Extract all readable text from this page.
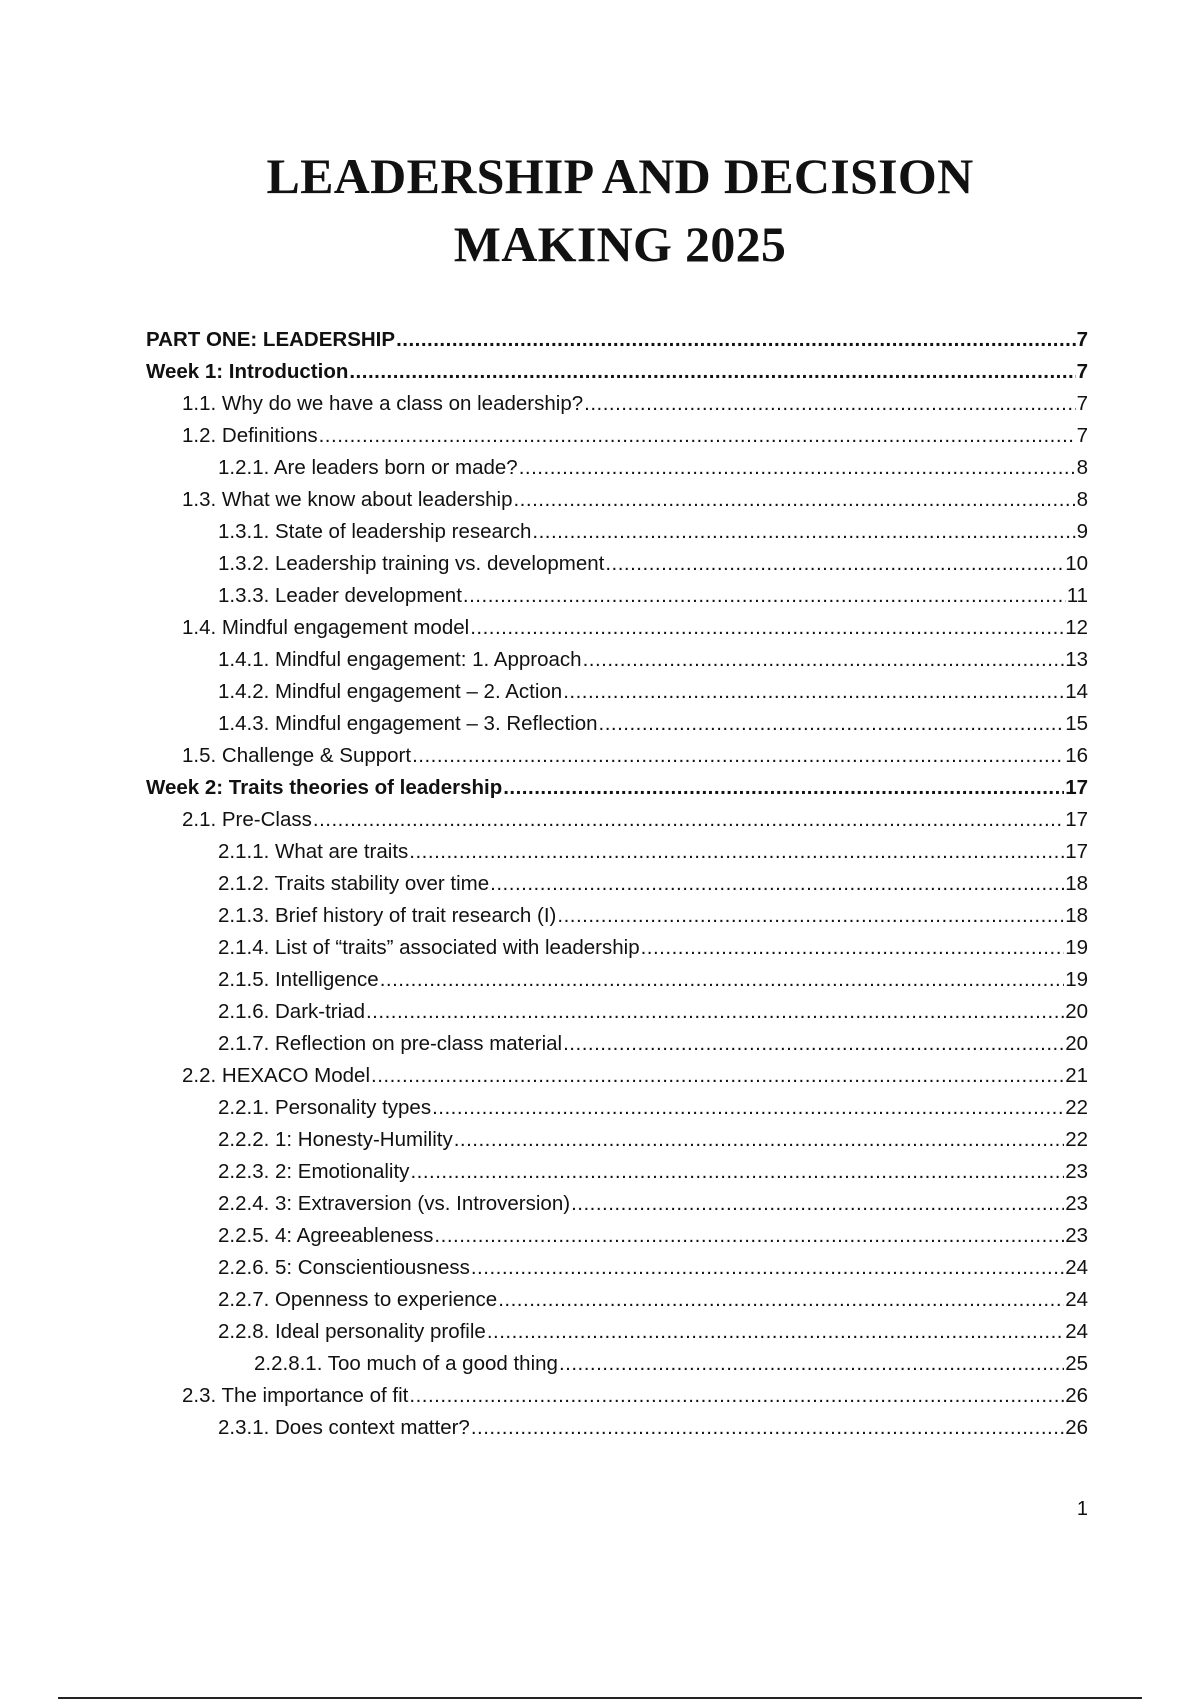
LEADERSHIP AND DECISION
MAKING 2025
PART ONE: LEADERSHIP .....	7
Week 1: Introduction .....	7
1.1. Why do we have a class on leadership? .....	7
1.2. Definitions .....	7
1.2.1. Are leaders born or made? .....	8
1.3. What we know about leadership .....	8
1.3.1. State of leadership research .....	9
1.3.2. Leadership training vs. development .....	10
1.3.3. Leader development .....	11
1.4. Mindful engagement model .....	12
1.4.1. Mindful engagement: 1. Approach .....	13
1.4.2. Mindful engagement – 2. Action .....	14
1.4.3. Mindful engagement – 3. Reflection .....	15
1.5. Challenge & Support .....	16
Week 2: Traits theories of leadership .....	17
2.1. Pre-Class .....	17
2.1.1. What are traits .....	17
2.1.2. Traits stability over time .....	18
2.1.3. Brief history of trait research (I) .....	18
2.1.4. List of “traits” associated with leadership .....	19
2.1.5. Intelligence .....	19
2.1.6. Dark-triad .....	20
2.1.7. Reflection on pre-class material .....	20
2.2. HEXACO Model .....	21
2.2.1. Personality types .....	22
2.2.2. 1: Honesty-Humility .....	22
2.2.3. 2: Emotionality .....	23
2.2.4. 3: Extraversion (vs. Introversion) .....	23
2.2.5. 4: Agreeableness .....	23
2.2.6. 5: Conscientiousness .....	24
2.2.7. Openness to experience .....	24
2.2.8. Ideal personality profile .....	24
2.2.8.1. Too much of a good thing .....	25
2.3. The importance of fit .....	26
2.3.1. Does context matter? .....	26
1
